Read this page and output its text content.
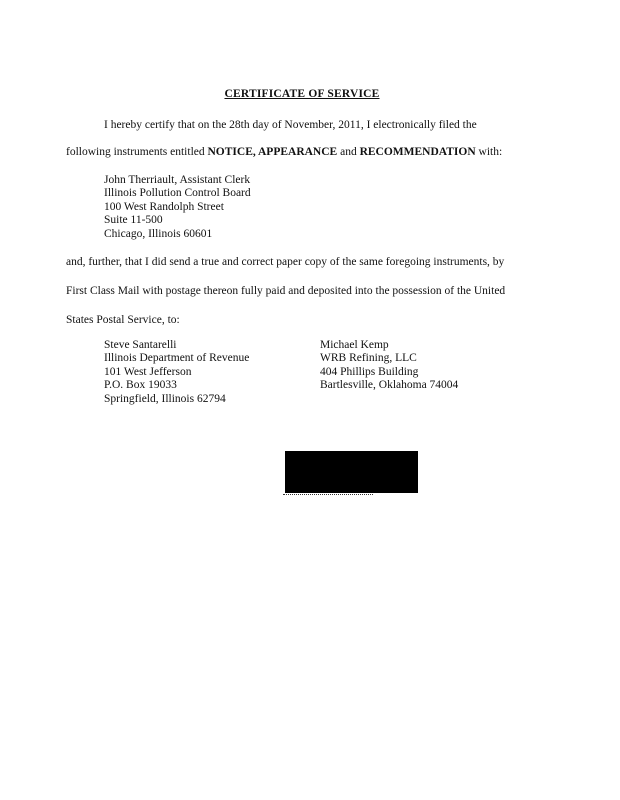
CERTIFICATE OF SERVICE
I hereby certify that on the 28th day of November, 2011, I electronically filed the
following instruments entitled NOTICE, APPEARANCE and RECOMMENDATION with:
John Therriault, Assistant Clerk
Illinois Pollution Control Board
100 West Randolph Street
Suite 11-500
Chicago, Illinois 60601
and, further, that I did send a true and correct paper copy of the same foregoing instruments, by
First Class Mail with postage thereon fully paid and deposited into the possession of the United
States Postal Service, to:
Steve Santarelli
Illinois Department of Revenue
101 West Jefferson
P.O. Box 19033
Springfield, Illinois 62794
Michael Kemp
WRB Refining, LLC
404 Phillips Building
Bartlesville, Oklahoma 74004
